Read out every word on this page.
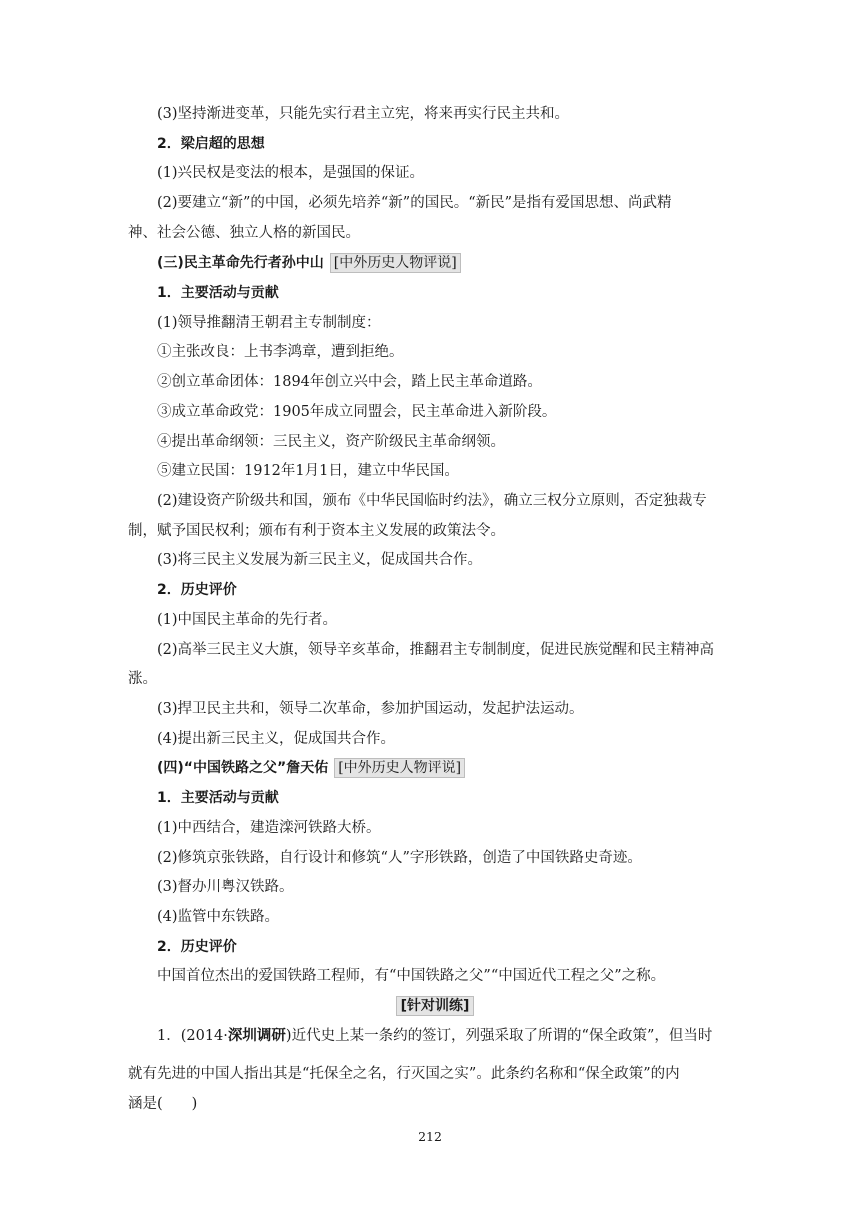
(3)坚持渐进变革，只能先实行君主立宪，将来再实行民主共和。
2．梁启超的思想
(1)兴民权是变法的根本，是强国的保证。
(2)要建立“新”的中国，必须先培养“新”的国民。“新民”是指有爱国思想、尚武精
神、社会公德、独立人格的新国民。
(三)民主革命先行者孙中山 [中外历史人物评说]
1．主要活动与贡献
(1)领导推翻清王朝君主专制制度：
①主张改良：上书李鸿章，遭到拒绝。
②创立革命团体：1894年创立兴中会，踏上民主革命道路。
③成立革命政党：1905年成立同盟会，民主革命进入新阶段。
④提出革命纲领：三民主义，资产阶级民主革命纲领。
⑤建立民国：1912年1月1日，建立中华民国。
(2)建设资产阶级共和国，颁布《中华民国临时约法》，确立三权分立原则，否定独裁专
制，赋予国民权利；颁布有利于资本主义发展的政策法令。
(3)将三民主义发展为新三民主义，促成国共合作。
2．历史评价
(1)中国民主革命的先行者。
(2)高举三民主义大旗，领导辛亥革命，推翻君主专制制度，促进民族觉醒和民主精神高
涨。
(3)捍卫民主共和，领导二次革命，参加护国运动，发起护法运动。
(4)提出新三民主义，促成国共合作。
(四)“中国铁路之父”詹天佑 [中外历史人物评说]
1．主要活动与贡献
(1)中西结合，建造滦河铁路大桥。
(2)修筑京张铁路，自行设计和修筑“人”字形铁路，创造了中国铁路史奇迹。
(3)督办川粤汉铁路。
(4)监管中东铁路。
2．历史评价
中国首位杰出的爱国铁路工程师，有“中国铁路之父”“中国近代工程之父”之称。
[针对训练]
1．(2014·深圳调研)近代史上某一条约的签订，列强采取了所谓的“保全政策”，但当时
就有先进的中国人指出其是“托保全之名，行灭国之实”。此条约名称和“保全政策”的内
涵是(　　)
212
